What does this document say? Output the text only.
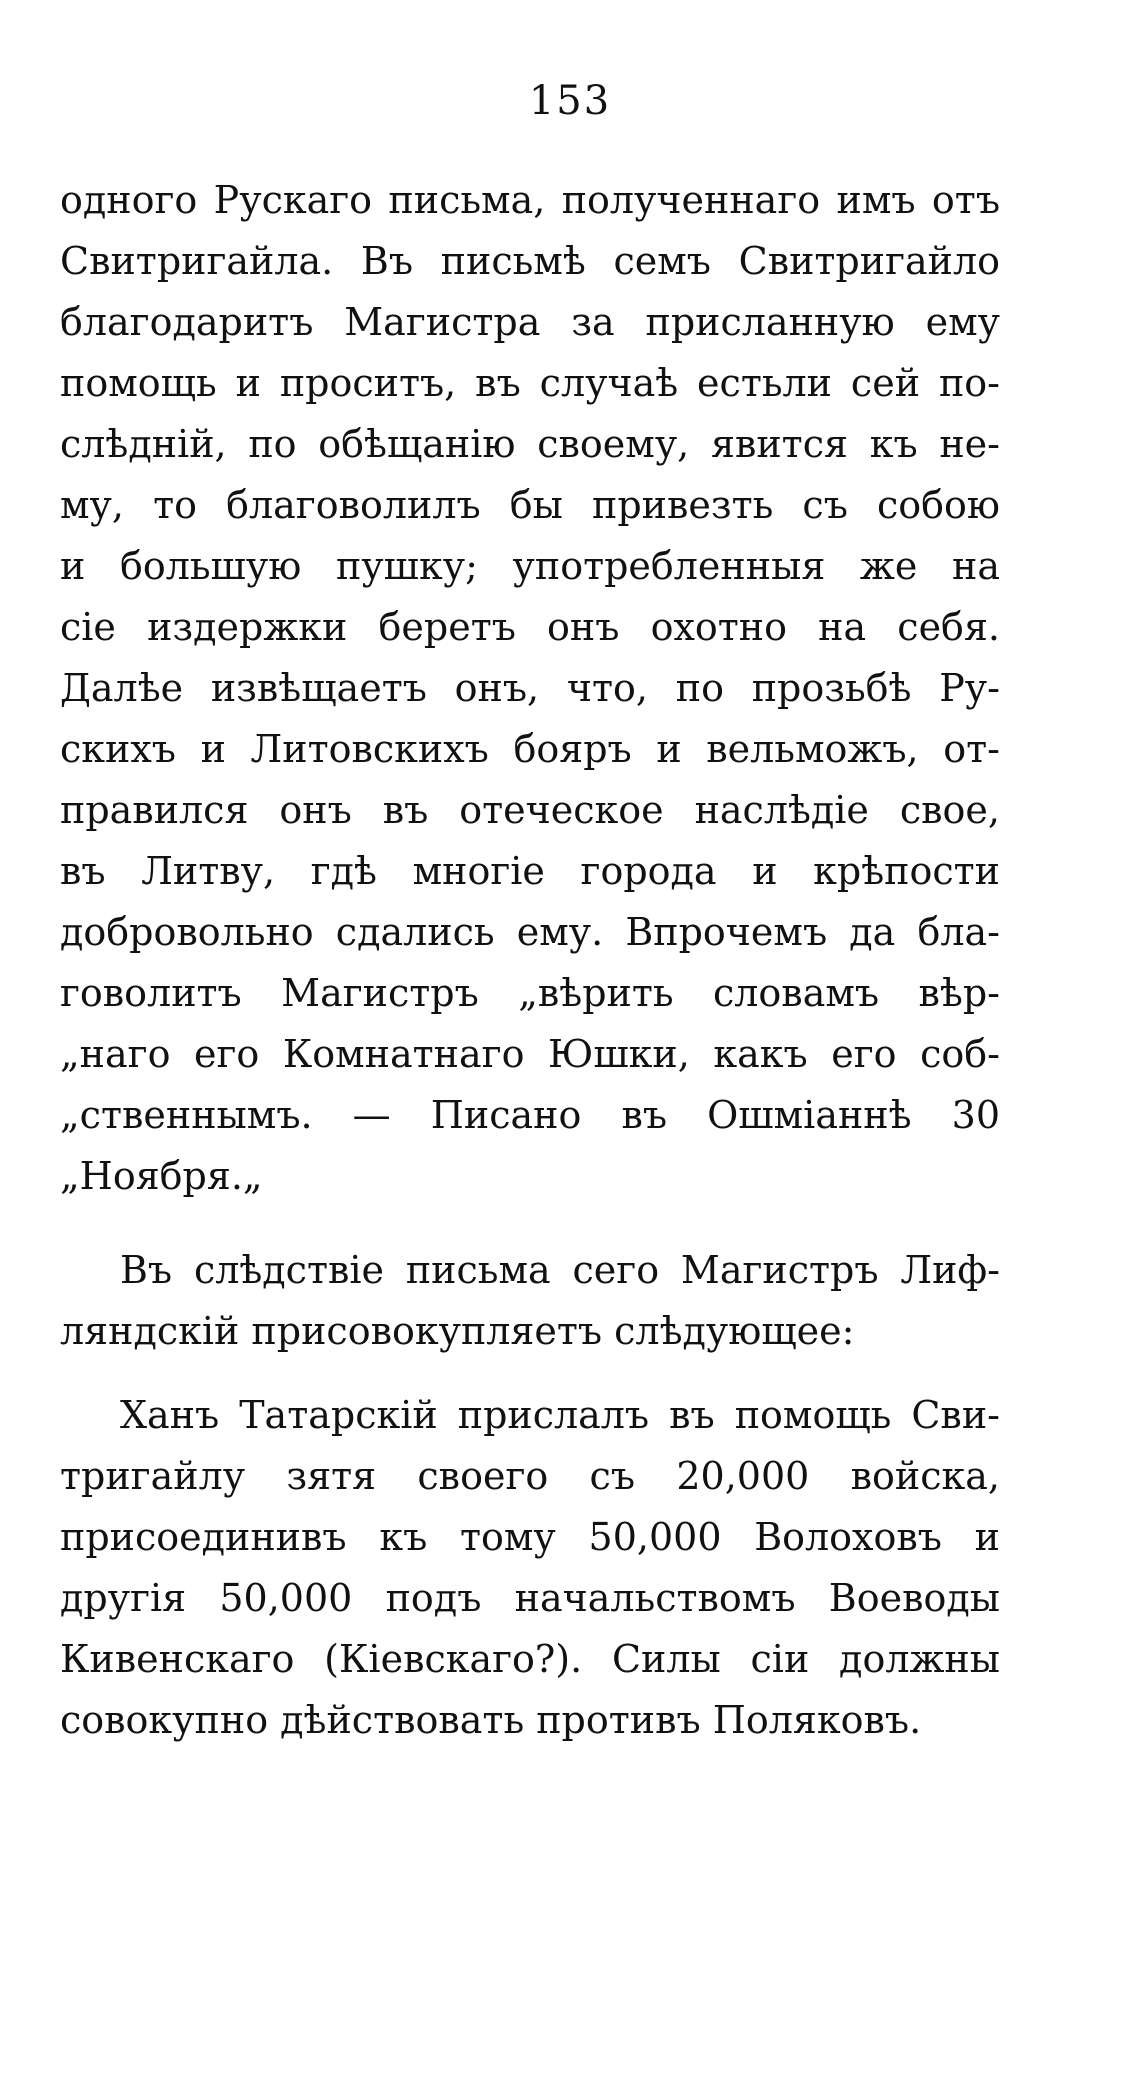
153
одного Рускаго письма, полученнаго имъ отъ
Свитригайла. Въ письмѣ семъ Свитригайло
благодаритъ Магистра за присланную ему
помощь и проситъ, въ случаѣ естьли сей по-
слѣдній, по обѣщанію своему, явится къ не-
му, то благоволилъ бы привезть съ собою
и большую пушку; употребленныя же на
сіе издержки беретъ онъ охотно на себя.
Далѣе извѣщаетъ онъ, что, по прозьбѣ Ру-
скихъ и Литовскихъ бояръ и вельможъ, от-
правился онъ въ отеческое наслѣдіе свое,
въ Литву, гдѣ многіе города и крѣпости
добровольно сдались ему. Впрочемъ да бла-
говолитъ Магистръ „вѣрить словамъ вѣр-
„наго его Комнатнаго Юшки, какъ его соб-
„ственнымъ. — Писано въ Ошміаннѣ 30
„Ноября.„
Въ слѣдствіе письма сего Магистръ Лиф-
ляндскій присовокупляетъ слѣдующее:
Ханъ Татарскій прислалъ въ помощь Сви-
тригайлу зятя своего съ 20,000 войска,
присоединивъ къ тому 50,000 Волоховъ и
другія 50,000 подъ начальствомъ Воеводы
Кивенскаго (Кіевскаго?). Силы сіи должны
совокупно дѣйствовать противъ Поляковъ.
